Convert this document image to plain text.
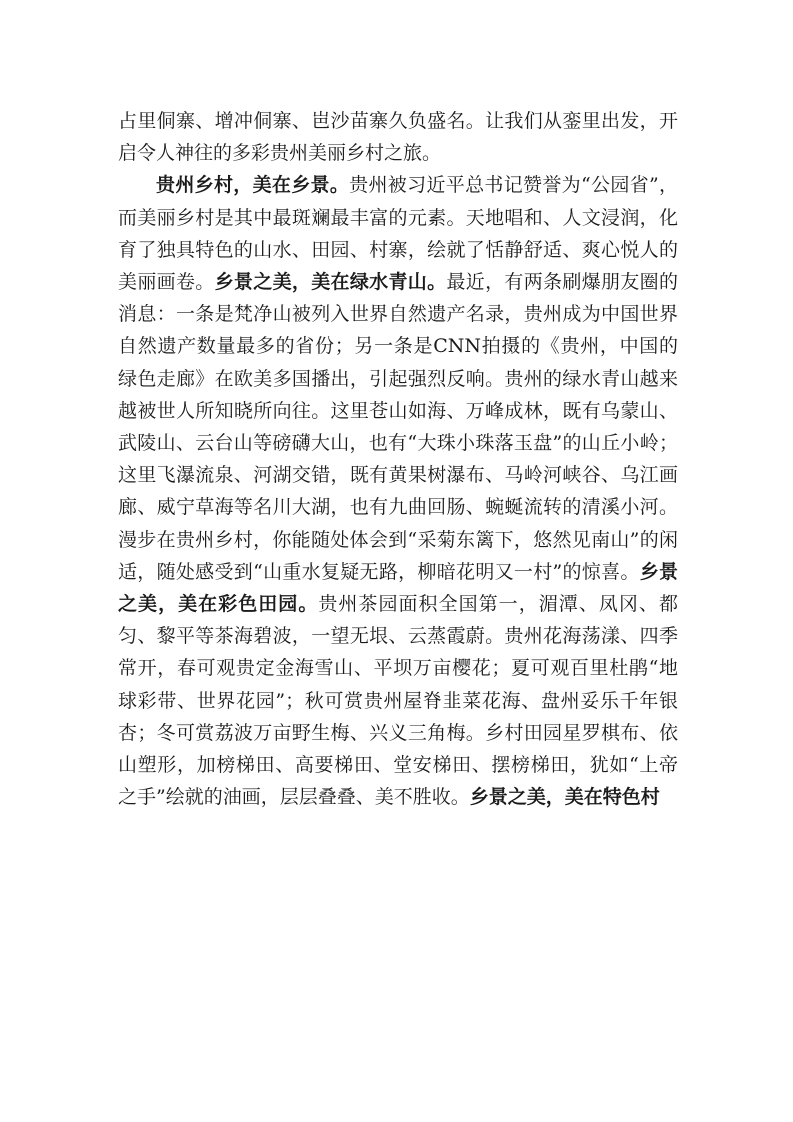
占里侗寨、增冲侗寨、岜沙苗寨久负盛名。让我们从銮里出发，开启令人神往的多彩贵州美丽乡村之旅。

贵州乡村，美在乡景。贵州被习近平总书记赞誉为“公园省”，而美丽乡村是其中最斑斓最丰富的元素。天地唱和、人文浸润，化育了独具特色的山水、田园、村寨，绘就了恬静舒适、爽心悦人的美丽画卷。乡景之美，美在绿水青山。最近，有两条刷爆朋友圈的消息：一条是梵净山被列入世界自然遗产名录，贵州成为中国世界自然遗产数量最多的省份；另一条是CNN拍摄的《贵州，中国的绿色走廊》在欧美多国播出，引起强烈反响。贵州的绿水青山越来越被世人所知晓所向往。这里苍山如海、万峰成林，既有乌蒙山、武陵山、云台山等磅礴大山，也有“大珠小珠落玉盘”的山丘小岭；这里飞瀑流泉、河湖交错，既有黄果树瀑布、马岭河峡谷、乌江画廊、威宁草海等名川大湖，也有九曲回肠、蜿蜒流转的清溪小河。漫步在贵州乡村，你能随处体会到“采菊东篱下，悠然见南山”的闲适，随处感受到“山重水复疑无路，柳暗花明又一村”的惊喜。乡景之美，美在彩色田园。贵州茶园面积全国第一，湄潭、凤冈、都匀、黎平等茶海碧波，一望无垠、云蒸霞蔚。贵州花海荡漾、四季常开，春可观贵定金海雪山、平坝万亩樱花；夏可观百里杜鹃“地球彩带、世界花园”；秋可赏贵州屋脊韭菜花海、盘州妥乐千年银杏；冬可赏荔波万亩野生梅、兴义三角梅。乡村田园星罗棋布、依山塑形，加榜梯田、高要梯田、堂安梯田、摆榜梯田，犹如“上帝之手”绘就的油画，层层叠叠、美不胜收。乡景之美，美在特色村
